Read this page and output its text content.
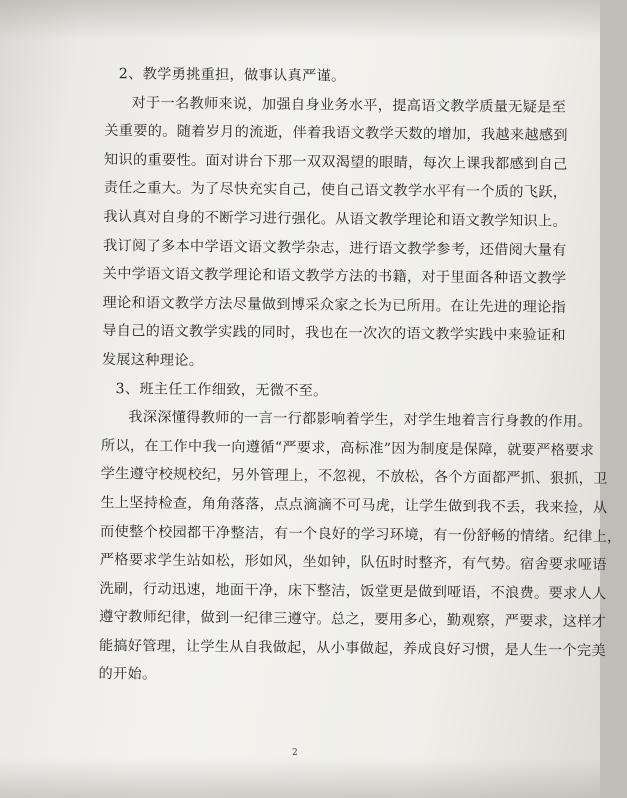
2、教学勇挑重担，做事认真严谨。
对于一名教师来说，加强自身业务水平，提高语文教学质量无疑是至
关重要的。随着岁月的流逝，伴着我语文教学天数的增加，我越来越感到
知识的重要性。面对讲台下那一双双渴望的眼睛，每次上课我都感到自己
责任之重大。为了尽快充实自己，使自己语文教学水平有一个质的飞跃，
我认真对自身的不断学习进行强化。从语文教学理论和语文教学知识上。
我订阅了多本中学语文语文教学杂志，进行语文教学参考，还借阅大量有
关中学语文语文教学理论和语文教学方法的书籍，对于里面各种语文教学
理论和语文教学方法尽量做到博采众家之长为已所用。在让先进的理论指
导自己的语文教学实践的同时，我也在一次次的语文教学实践中来验证和
发展这种理论。
3、班主任工作细致，无微不至。
我深深懂得教师的一言一行都影响着学生，对学生地着言行身教的作用。
所以，在工作中我一向遵循“严要求，高标准”因为制度是保障，就要严格要求
学生遵守校规校纪，另外管理上，不忽视，不放松，各个方面都严抓、狠抓，卫
生上坚持检查，角角落落，点点滴滴不可马虎，让学生做到我不丢，我来捡，从
而使整个校园都干净整洁，有一个良好的学习环境，有一份舒畅的情绪。纪律上，
严格要求学生站如松，形如风，坐如钟，队伍时时整齐，有气势。宿舍要求哑语
洗刷，行动迅速，地面干净，床下整洁，饭堂更是做到哑语，不浪费。要求人人
遵守教师纪律，做到一纪律三遵守。总之，要用多心，勤观察，严要求，这样才
能搞好管理，让学生从自我做起，从小事做起，养成良好习惯，是人生一个完美
的开始。
2
